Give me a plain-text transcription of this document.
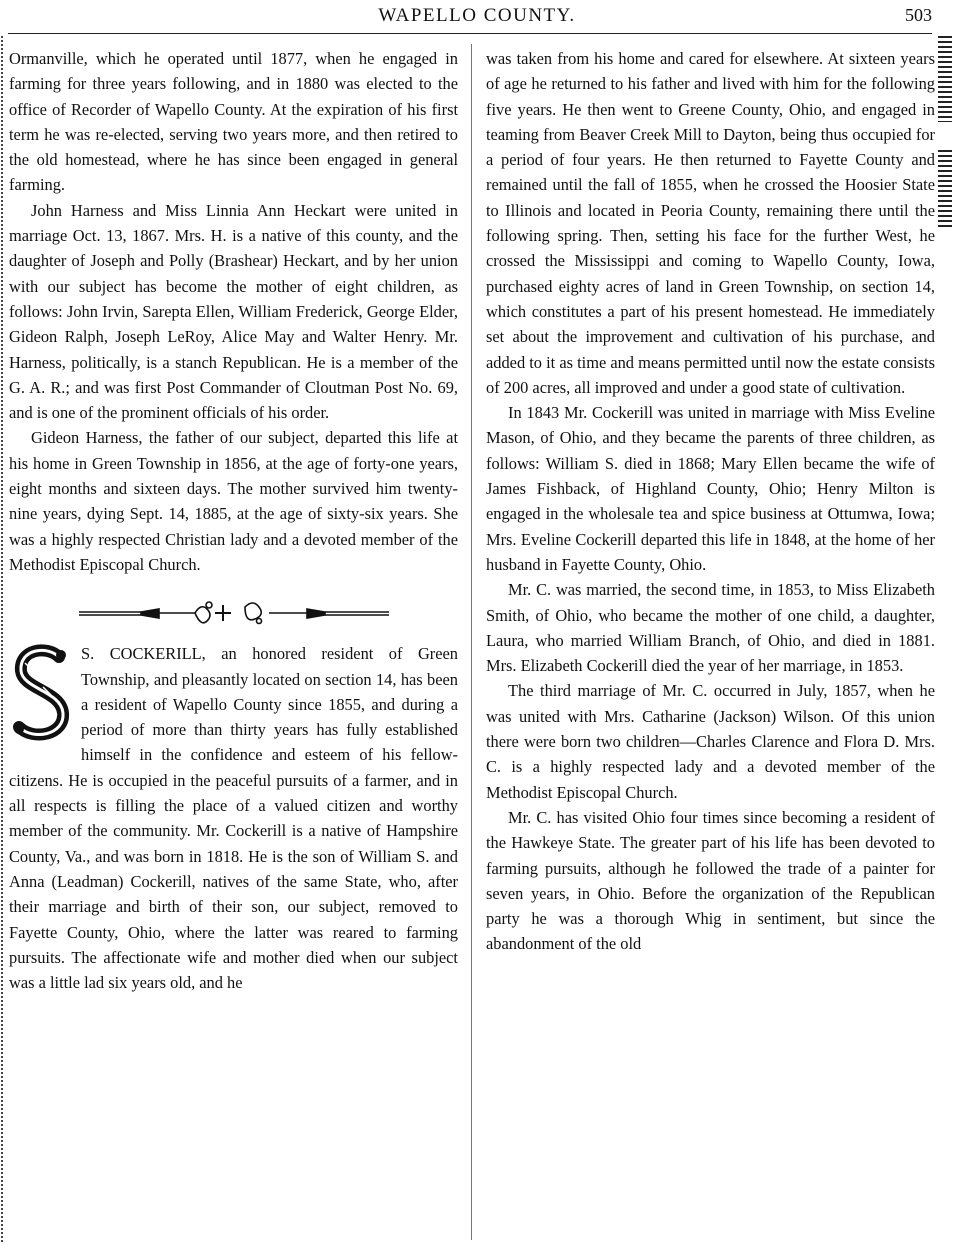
WAPELLO COUNTY.	503

Ormanville, which he operated until 1877, when he engaged in farming for three years following, and in 1880 was elected to the office of Recorder of Wapello County. At the expiration of his first term he was re-elected, serving two years more, and then retired to the old homestead, where he has since been engaged in general farming.

John Harness and Miss Linnia Ann Heckart were united in marriage Oct. 13, 1867. Mrs. H. is a native of this county, and the daughter of Joseph and Polly (Brashear) Heckart, and by her union with our subject has become the mother of eight children, as follows: John Irvin, Sarepta Ellen, William Frederick, George Elder, Gideon Ralph, Joseph LeRoy, Alice May and Walter Henry. Mr. Harness, politically, is a stanch Republican. He is a member of the G. A. R.; and was first Post Commander of Cloutman Post No. 69, and is one of the prominent officials of his order.

Gideon Harness, the father of our subject, departed this life at his home in Green Township in 1856, at the age of forty-one years, eight months and sixteen days. The mother survived him twenty-nine years, dying Sept. 14, 1885, at the age of sixty-six years. She was a highly respected Christian lady and a devoted member of the Methodist Episcopal Church.

S. COCKERILL, an honored resident of Green Township, and pleasantly located on section 14, has been a resident of Wapello County since 1855, and during a period of more than thirty years has fully established himself in the confidence and esteem of his fellow-citizens. He is occupied in the peaceful pursuits of a farmer, and in all respects is filling the place of a valued citizen and worthy member of the community. Mr. Cockerill is a native of Hampshire County, Va., and was born in 1818. He is the son of William S. and Anna (Leadman) Cockerill, natives of the same State, who, after their marriage and birth of their son, our subject, removed to Fayette County, Ohio, where the latter was reared to farming pursuits. The affectionate wife and mother died when our subject was a little lad six years old, and he

was taken from his home and cared for elsewhere. At sixteen years of age he returned to his father and lived with him for the following five years. He then went to Greene County, Ohio, and engaged in teaming from Beaver Creek Mill to Dayton, being thus occupied for a period of four years. He then returned to Fayette County and remained until the fall of 1855, when he crossed the Hoosier State to Illinois and located in Peoria County, remaining there until the following spring. Then, setting his face for the further West, he crossed the Mississippi and coming to Wapello County, Iowa, purchased eighty acres of land in Green Township, on section 14, which constitutes a part of his present homestead. He immediately set about the improvement and cultivation of his purchase, and added to it as time and means permitted until now the estate consists of 200 acres, all improved and under a good state of cultivation.

In 1843 Mr. Cockerill was united in marriage with Miss Eveline Mason, of Ohio, and they became the parents of three children, as follows: William S. died in 1868; Mary Ellen became the wife of James Fishback, of Highland County, Ohio; Henry Milton is engaged in the wholesale tea and spice business at Ottumwa, Iowa; Mrs. Eveline Cockerill departed this life in 1848, at the home of her husband in Fayette County, Ohio.

Mr. C. was married, the second time, in 1853, to Miss Elizabeth Smith, of Ohio, who became the mother of one child, a daughter, Laura, who married William Branch, of Ohio, and died in 1881. Mrs. Elizabeth Cockerill died the year of her marriage, in 1853.

The third marriage of Mr. C. occurred in July, 1857, when he was united with Mrs. Catharine (Jackson) Wilson. Of this union there were born two children—Charles Clarence and Flora D. Mrs. C. is a highly respected lady and a devoted member of the Methodist Episcopal Church.

Mr. C. has visited Ohio four times since becoming a resident of the Hawkeye State. The greater part of his life has been devoted to farming pursuits, although he followed the trade of a painter for seven years, in Ohio. Before the organization of the Republican party he was a thorough Whig in sentiment, but since the abandonment of the old
